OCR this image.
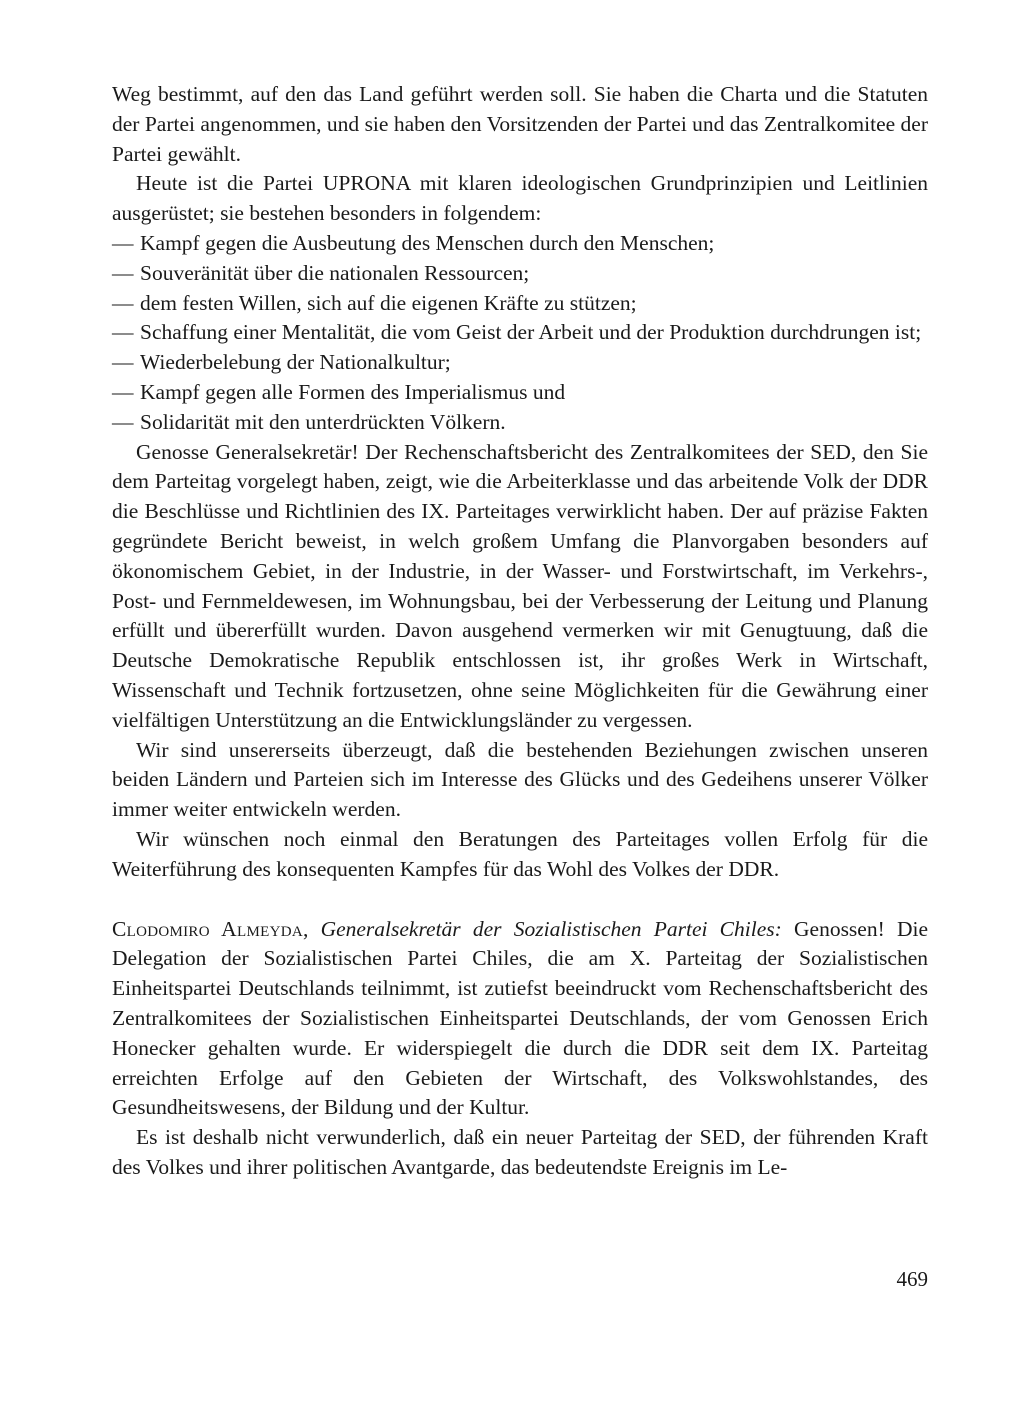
Weg bestimmt, auf den das Land geführt werden soll. Sie haben die Charta und die Statuten der Partei angenommen, und sie haben den Vorsitzenden der Partei und das Zentralkomitee der Partei gewählt.

Heute ist die Partei UPRONA mit klaren ideologischen Grundprinzipien und Leitlinien ausgerüstet; sie bestehen besonders in folgendem:

— Kampf gegen die Ausbeutung des Menschen durch den Menschen;
— Souveränität über die nationalen Ressourcen;
— dem festen Willen, sich auf die eigenen Kräfte zu stützen;
— Schaffung einer Mentalität, die vom Geist der Arbeit und der Produktion durchdrungen ist;
— Wiederbelebung der Nationalkultur;
— Kampf gegen alle Formen des Imperialismus und
— Solidarität mit den unterdrückten Völkern.

Genosse Generalsekretär! Der Rechenschaftsbericht des Zentralkomitees der SED, den Sie dem Parteitag vorgelegt haben, zeigt, wie die Arbeiterklasse und das arbeitende Volk der DDR die Beschlüsse und Richtlinien des IX. Parteitages verwirklicht haben. Der auf präzise Fakten gegründete Bericht beweist, in welch großem Umfang die Planvorgaben besonders auf ökonomischem Gebiet, in der Industrie, in der Wasser- und Forstwirtschaft, im Verkehrs-, Post- und Fernmeldewesen, im Wohnungsbau, bei der Verbesserung der Leitung und Planung erfüllt und übererfüllt wurden. Davon ausgehend vermerken wir mit Genugtuung, daß die Deutsche Demokratische Republik entschlossen ist, ihr großes Werk in Wirtschaft, Wissenschaft und Technik fortzusetzen, ohne seine Möglichkeiten für die Gewährung einer vielfältigen Unterstützung an die Entwicklungsländer zu vergessen.

Wir sind unsererseits überzeugt, daß die bestehenden Beziehungen zwischen unseren beiden Ländern und Parteien sich im Interesse des Glücks und des Gedeihens unserer Völker immer weiter entwickeln werden.

Wir wünschen noch einmal den Beratungen des Parteitages vollen Erfolg für die Weiterführung des konsequenten Kampfes für das Wohl des Volkes der DDR.

Clodomiro Almeyda, Generalsekretär der Sozialistischen Partei Chiles: Genossen! Die Delegation der Sozialistischen Partei Chiles, die am X. Parteitag der Sozialistischen Einheitspartei Deutschlands teilnimmt, ist zutiefst beeindruckt vom Rechenschaftsbericht des Zentralkomitees der Sozialistischen Einheitspartei Deutschlands, der vom Genossen Erich Honecker gehalten wurde. Er widerspiegelt die durch die DDR seit dem IX. Parteitag erreichten Erfolge auf den Gebieten der Wirtschaft, des Volkswohlstandes, des Gesundheitswesens, der Bildung und der Kultur.

Es ist deshalb nicht verwunderlich, daß ein neuer Parteitag der SED, der führenden Kraft des Volkes und ihrer politischen Avantgarde, das bedeutendste Ereignis im Le-

469
